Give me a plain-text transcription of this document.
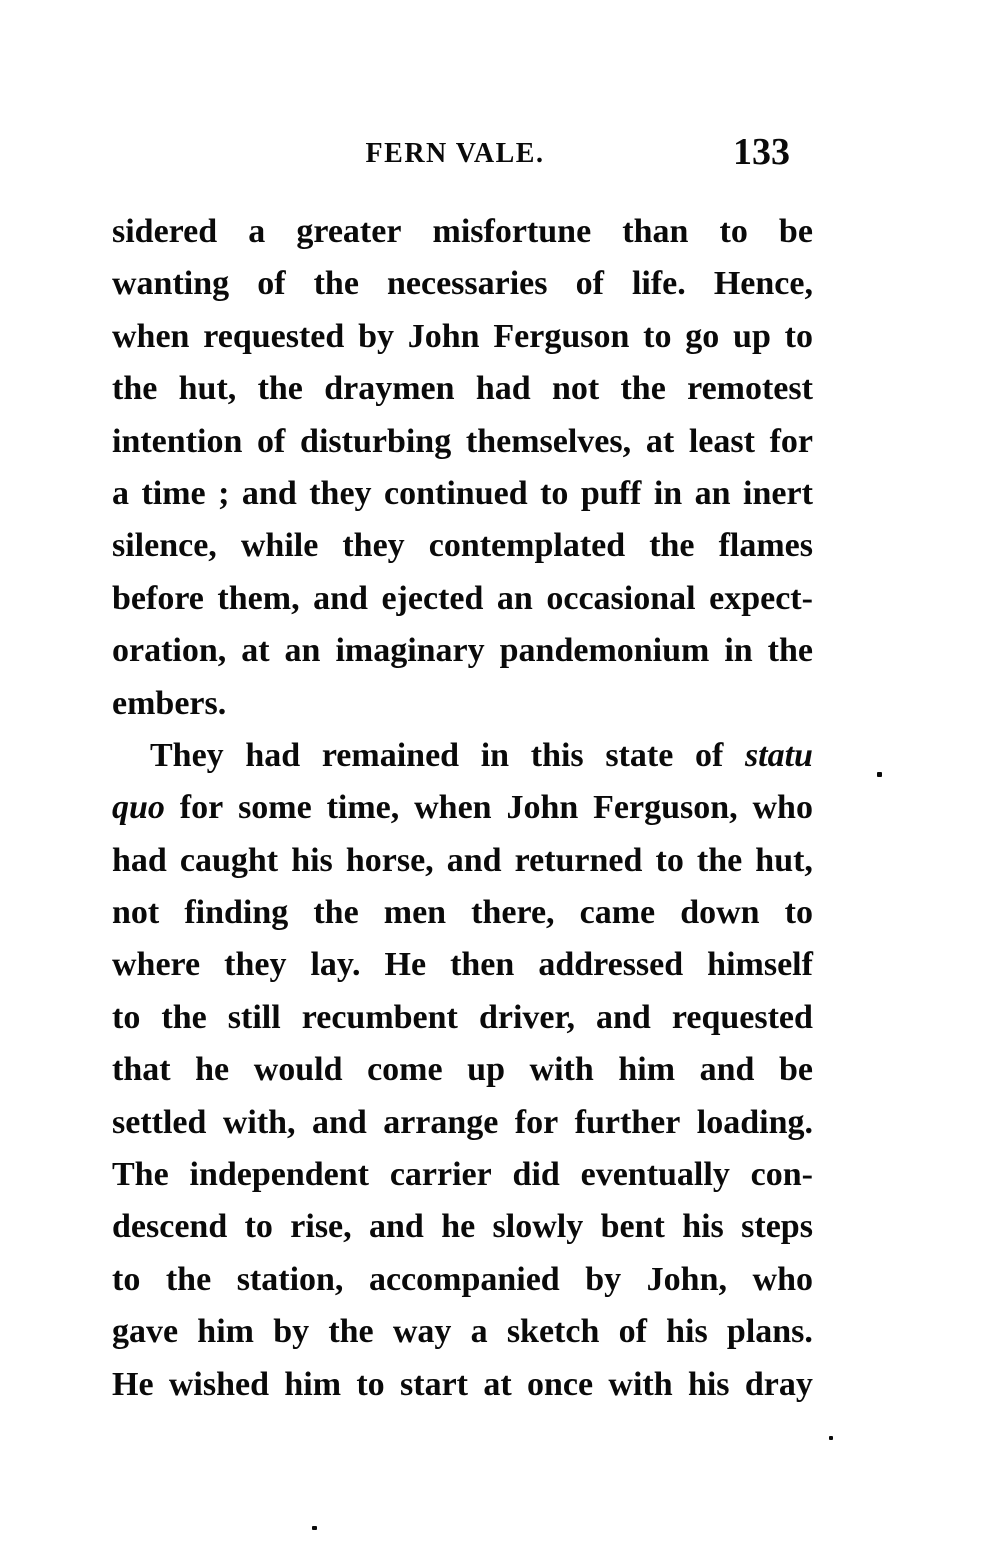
FERN VALE.	133
sidered a greater misfortune than to be
wanting of the necessaries of life. Hence,
when requested by John Ferguson to go up to
the hut, the draymen had not the remotest
intention of disturbing themselves, at least for
a time ; and they continued to puff in an inert
silence, while they contemplated the flames
before them, and ejected an occasional expect-
oration, at an imaginary pandemonium in the
embers.
They had remained in this state of statu
quo for some time, when John Ferguson, who
had caught his horse, and returned to the hut,
not finding the men there, came down to
where they lay. He then addressed himself
to the still recumbent driver, and requested
that he would come up with him and be
settled with, and arrange for further loading.
The independent carrier did eventually con-
descend to rise, and he slowly bent his steps
to the station, accompanied by John, who
gave him by the way a sketch of his plans.
He wished him to start at once with his dray
